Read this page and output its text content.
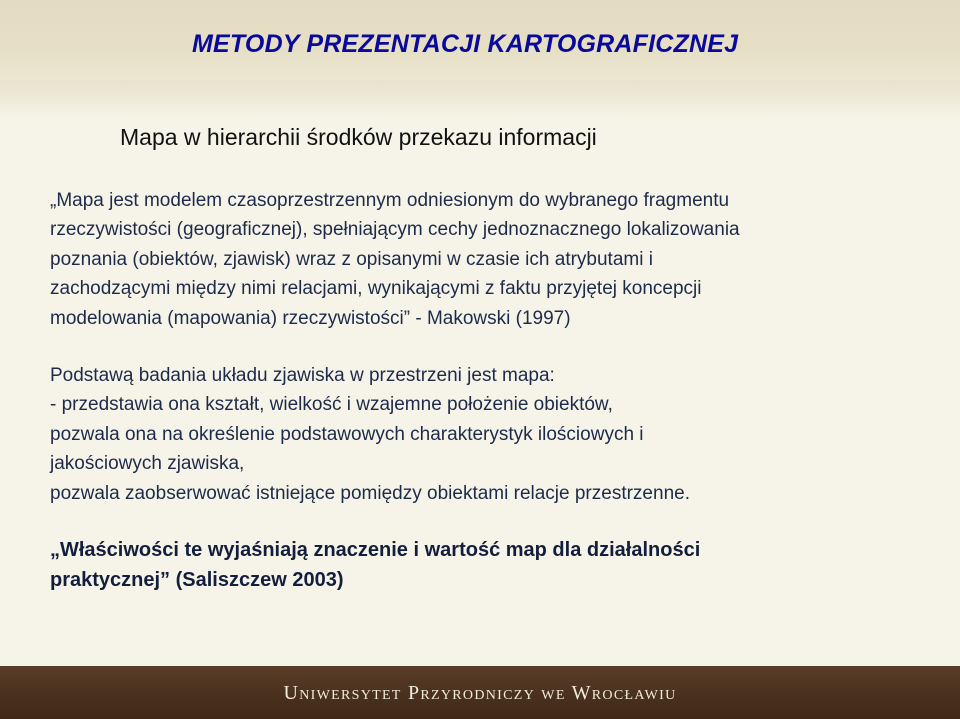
METODY PREZENTACJI KARTOGRAFICZNEJ
Mapa w hierarchii środków przekazu informacji
„Mapa jest modelem czasoprzestrzennym odniesionym do wybranego fragmentu
rzeczywistości (geograficznej), spełniającym cechy jednoznacznego lokalizowania
poznania (obiektów, zjawisk) wraz z opisanymi w czasie ich atrybutami i
zachodzącymi między nimi relacjami, wynikającymi z faktu przyjętej koncepcji
modelowania (mapowania) rzeczywistości” - Makowski (1997)
Podstawą badania układu zjawiska w przestrzeni jest mapa:
- przedstawia ona kształt, wielkość i wzajemne położenie obiektów,
pozwala ona na określenie podstawowych charakterystyk ilościowych i
jakościowych zjawiska,
pozwala zaobserwować istniejące pomiędzy obiektami relacje przestrzenne.
„Właściwości te wyjaśniają znaczenie i wartość map dla działalności
praktycznej” (Saliszczew 2003)
Uniwersytet Przyrodniczy we Wrocławiu
